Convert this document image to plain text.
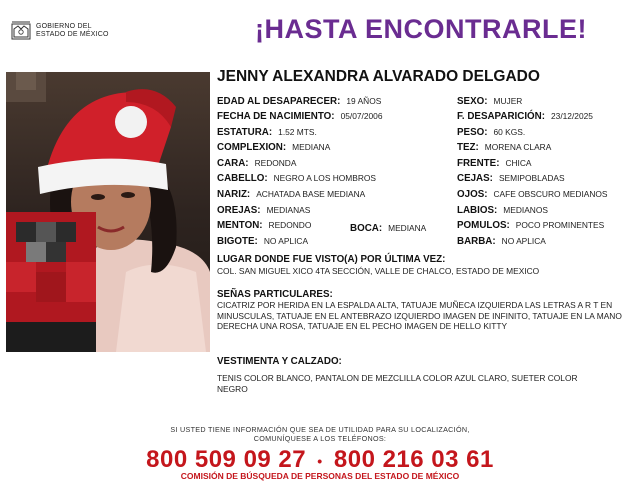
GOBIERNO DEL
ESTADO DE MÉXICO	¡HASTA ENCONTRARLE!
JENNY ALEXANDRA ALVARADO DELGADO
EDAD AL DESAPARECER: 19 AÑOS	SEXO: MUJER
FECHA DE NACIMIENTO: 05/07/2006	F. DESAPARICIÓN: 23/12/2025
ESTATURA: 1.52 MTS.	PESO: 60 KGS.
COMPLEXION: MEDIANA	TEZ: MORENA CLARA
CARA: REDONDA	FRENTE: CHICA
CABELLO: NEGRO A LOS HOMBROS	CEJAS: SEMIPOBLADAS
NARIZ: ACHATADA BASE MEDIANA	OJOS: CAFE OBSCURO MEDIANOS
OREJAS: MEDIANAS	LABIOS: MEDIANOS
MENTON: REDONDO	BOCA: MEDIANA	POMULOS: POCO PROMINENTES
BIGOTE: NO APLICA	BARBA: NO APLICA
LUGAR DONDE FUE VISTO(A) POR ÚLTIMA VEZ:
COL. SAN MIGUEL XICO 4TA SECCIÓN, VALLE DE CHALCO, ESTADO DE MEXICO
SEÑAS PARTICULARES:
CICATRIZ POR HERIDA EN LA ESPALDA ALTA, TATUAJE MUÑECA IZQUIERDA LAS LETRAS A R T EN MINUSCULAS, TATUAJE EN EL ANTEBRAZO IZQUIERDO IMAGEN DE INFINITO, TATUAJE EN LA MANO DERECHA UNA ROSA, TATUAJE EN EL PECHO IMAGEN DE HELLO KITTY
VESTIMENTA Y CALZADO:
TENIS COLOR BLANCO, PANTALON DE MEZCLILLA COLOR AZUL CLARO, SUETER COLOR NEGRO
SI USTED TIENE INFORMACIÓN QUE SEA DE UTILIDAD PARA SU LOCALIZACIÓN,
COMUNÍQUESE A LOS TELÉFONOS:
800 509 09 27 • 800 216 03 61
COMISIÓN DE BÚSQUEDA DE PERSONAS DEL ESTADO DE MÉXICO
